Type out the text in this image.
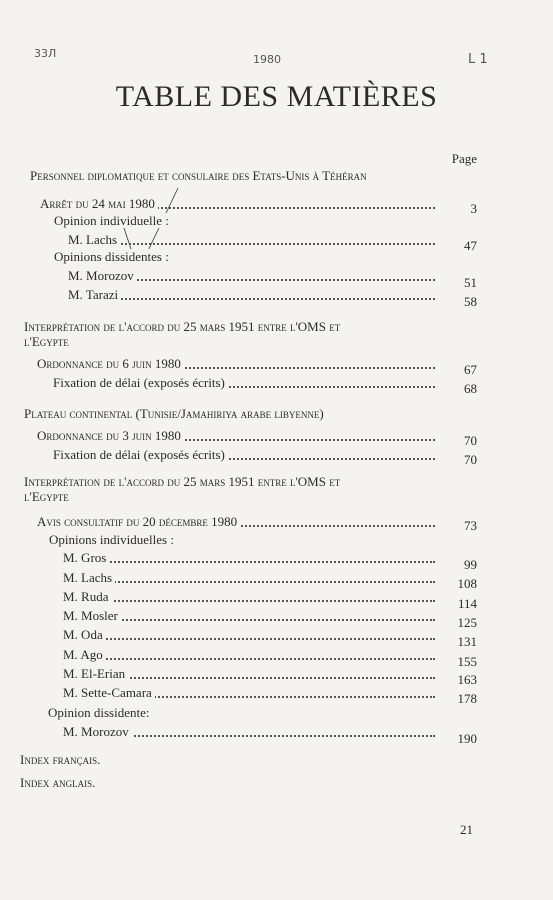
33Л	1980	L 1
TABLE DES MATIÈRES
Page
Personnel diplomatique et consulaire des Etats-Unis à Téhéran
Arrêt du 24 mai 1980	3
Opinion individuelle :
M. Lachs	47
Opinions dissidentes :
M. Morozov	51
M. Tarazi	58
Interprétation de l'accord du 25 mars 1951 entre l'OMS et
l'Egypte
Ordonnance du 6 juin 1980	67
Fixation de délai (exposés écrits)	68
Plateau continental (Tunisie/Jamahiriya arabe libyenne)
Ordonnance du 3 juin 1980	70
Fixation de délai (exposés écrits)	70
Interprétation de l'accord du 25 mars 1951 entre l'OMS et
l'Egypte
Avis consultatif du 20 décembre 1980	73
Opinions individuelles :
M. Gros	99
M. Lachs	108
M. Ruda	114
M. Mosler	125
M. Oda	131
M. Ago	155
M. El-Erian	163
M. Sette-Camara	178
Opinion dissidente:
M. Morozov	190
Index français.
Index anglais.
21
